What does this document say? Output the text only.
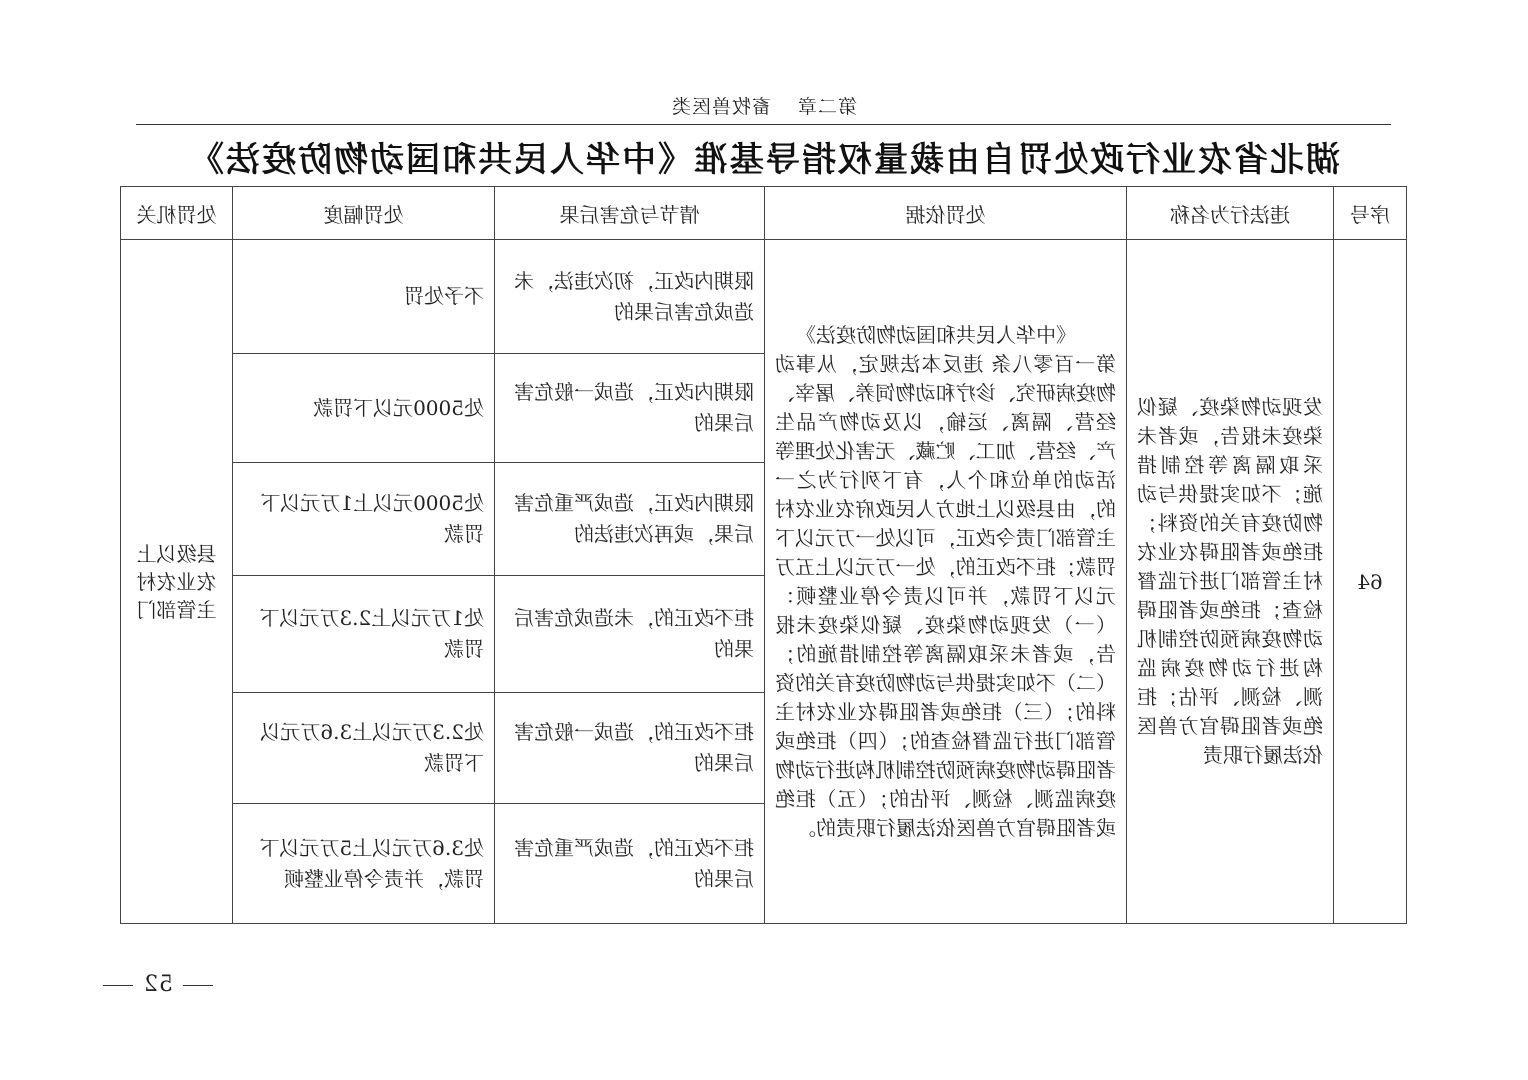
第二章畜牧兽医类
湖北省农业行政处罚自由裁量权指导基准《中华人民共和国动物防疫法》
序号	违法行为名称	处罚依据	情节与危害后果	处罚幅度	处罚机关
64	发现动物染疫、疑似染疫未报告，或者未采取隔离等控制措施；不如实提供与动物防疫有关的资料；拒绝或者阻碍农业农村主管部门进行监督检查；拒绝或者阻碍动物疫病预防控制机构进行动物疫病监测、检测、评估；拒绝或者阻碍官方兽医依法履行职责	《中华人民共和国动物防疫法》
第一百零八条 违反本法规定，从事动物疫病研究、诊疗和动物饲养、屠宰、经营、隔离、运输，以及动物产品生产、经营、加工、贮藏、无害化处理等活动的单位和个人，有下列行为之一的，由县级以上地方人民政府农业农村主管部门责令改正，可以处一万元以下罚款；拒不改正的，处一万元以上五万元以下罚款，并可以责令停业整顿：（一）发现动物染疫、疑似染疫未报告，或者未采取隔离等控制措施的；（二）不如实提供与动物防疫有关的资料的；（三）拒绝或者阻碍农业农村主管部门进行监督检查的；（四）拒绝或者阻碍动物疫病预防控制机构进行动物疫病监测、检测、评估的；（五）拒绝或者阻碍官方兽医依法履行职责的。	限期内改正，初次违法，未造成危害后果的	不予处罚	县级以上农业农村主管部门
			限期内改正，造成一般危害后果的	处5000元以下罚款	
			限期内改正，造成严重危害后果，或再次违法的	处5000元以上1万元以下罚款	
			拒不改正的，未造成危害后果的	处1万元以上2.3万元以下罚款	
			拒不改正的，造成一般危害后果的	处2.3万元以上3.6万元以下罚款	
			拒不改正的，造成严重危害后果的	处3.6万元以上5万元以下罚款，并责令停业整顿	
52
